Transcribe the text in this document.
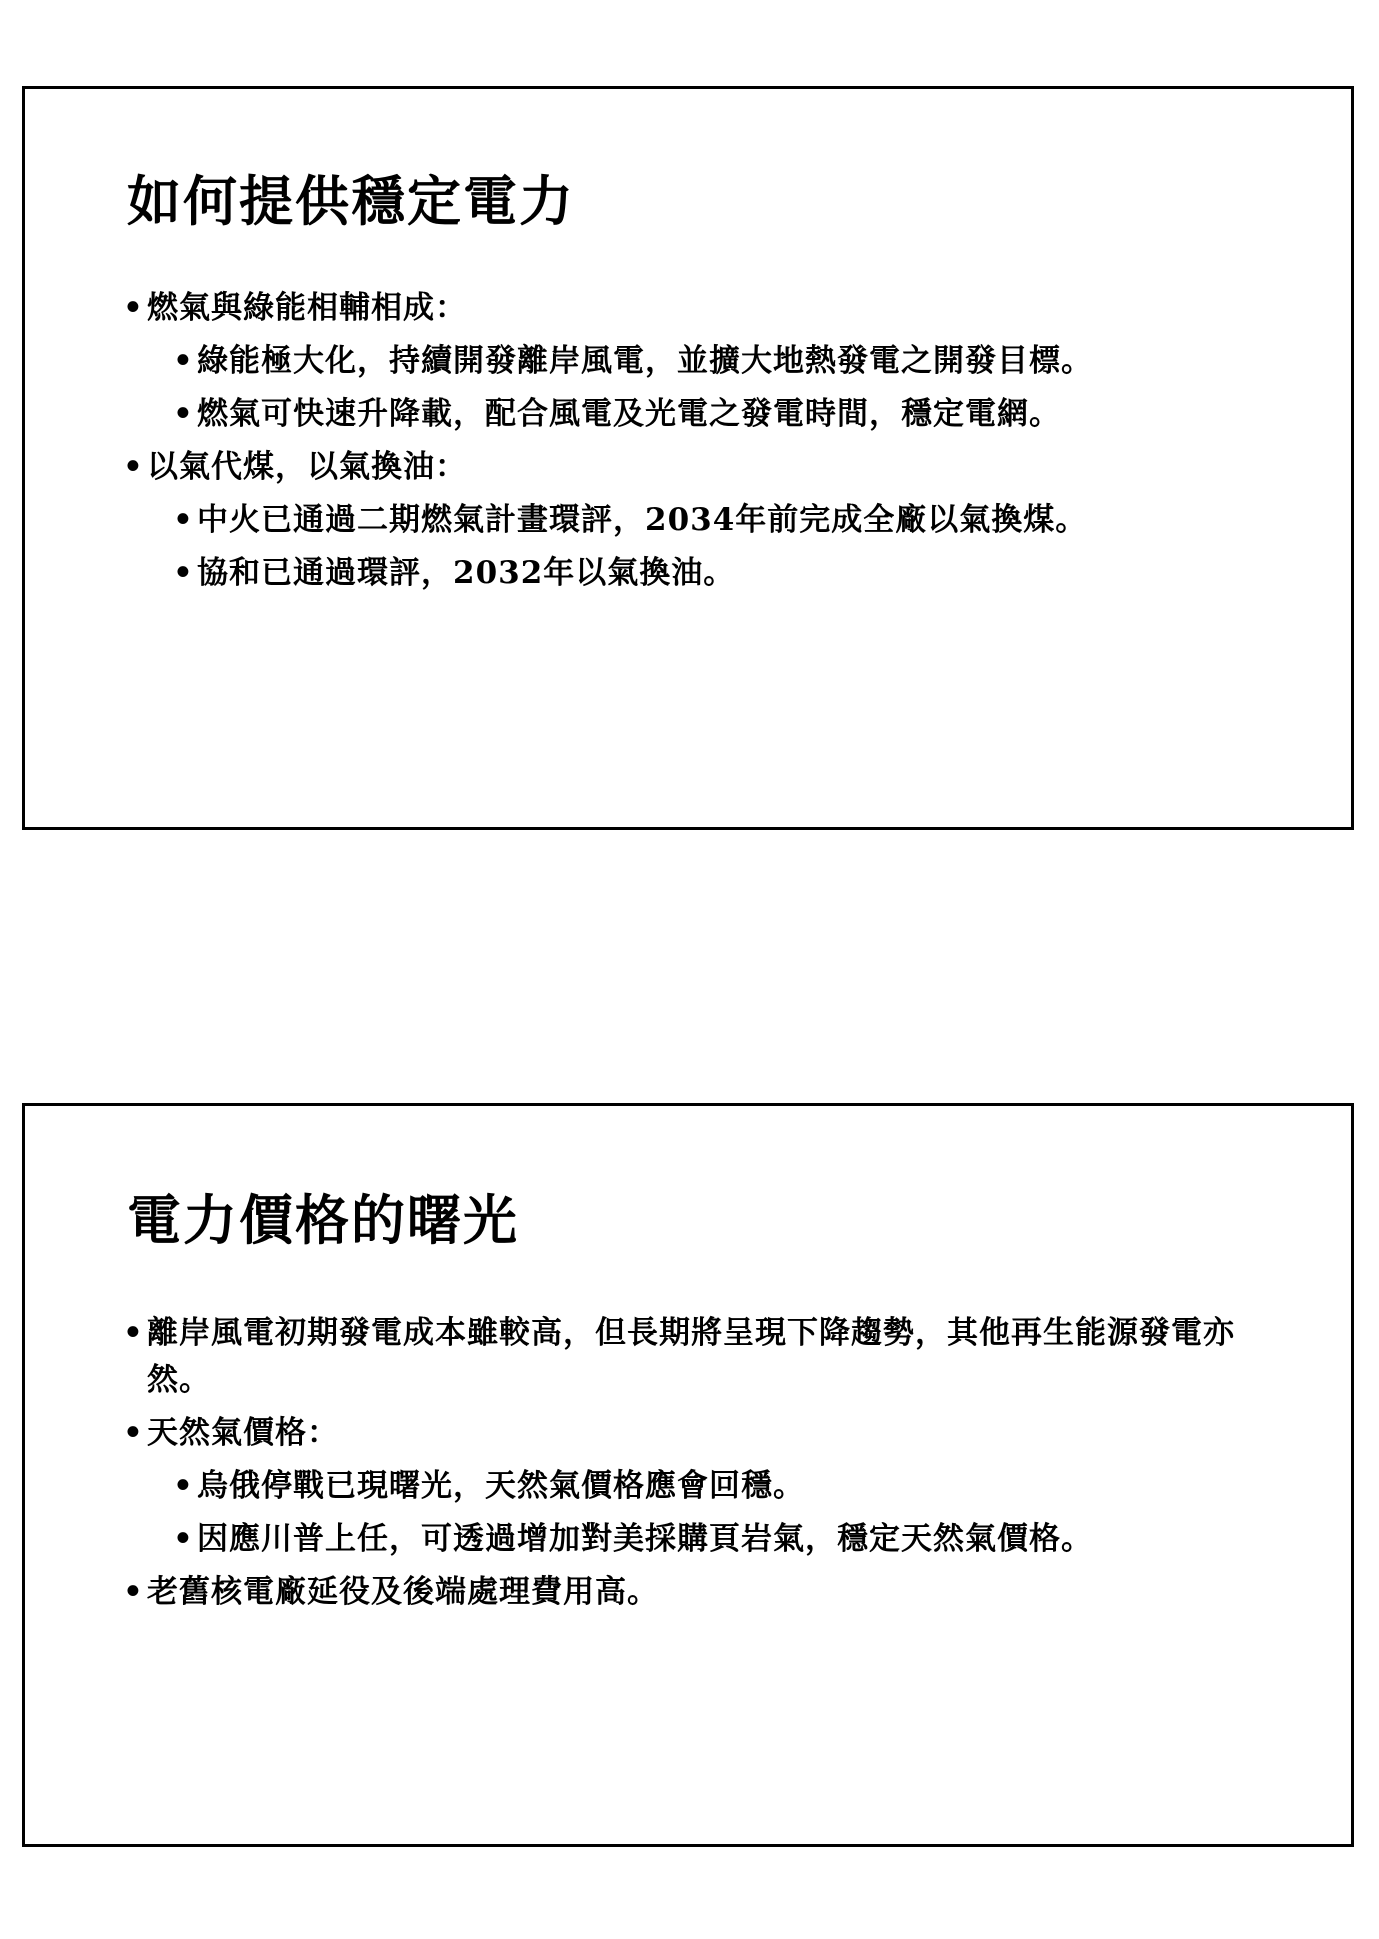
如何提供穩定電力
• 燃氣與綠能相輔相成：
• 綠能極大化，持續開發離岸風電，並擴大地熱發電之開發目標。
• 燃氣可快速升降載，配合風電及光電之發電時間，穩定電網。
• 以氣代煤，以氣換油：
• 中火已通過二期燃氣計畫環評，2034年前完成全廠以氣換煤。
• 協和已通過環評，2032年以氣換油。
電力價格的曙光
• 離岸風電初期發電成本雖較高，但長期將呈現下降趨勢，其他再生能源發電亦然。
• 天然氣價格：
• 烏俄停戰已現曙光，天然氣價格應會回穩。
• 因應川普上任，可透過增加對美採購頁岩氣，穩定天然氣價格。
• 老舊核電廠延役及後端處理費用高。
